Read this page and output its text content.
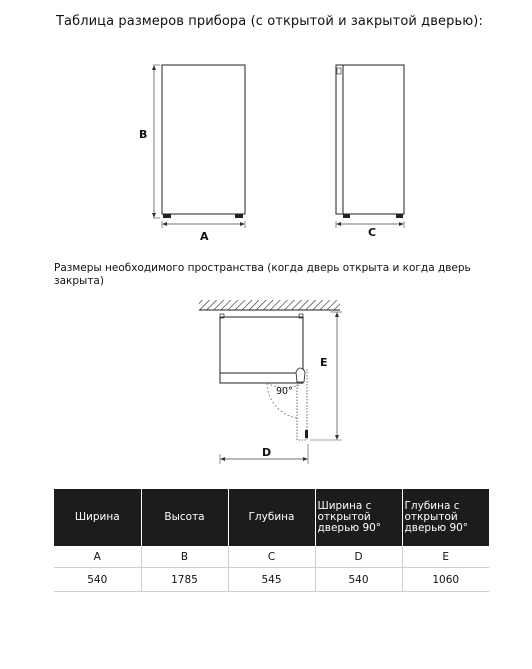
Таблица размеров прибора (с открытой и закрытой дверью):
B
A	C
90°
E
D
Размеры необходимого пространства (когда дверь открыта и когда дверь закрыта)
Ширина	Высота	Глубина	Ширина с открытой дверью 90°	Глубина с открытой дверью 90°
A	B	C	D	E
540	1785	545	540	1060
